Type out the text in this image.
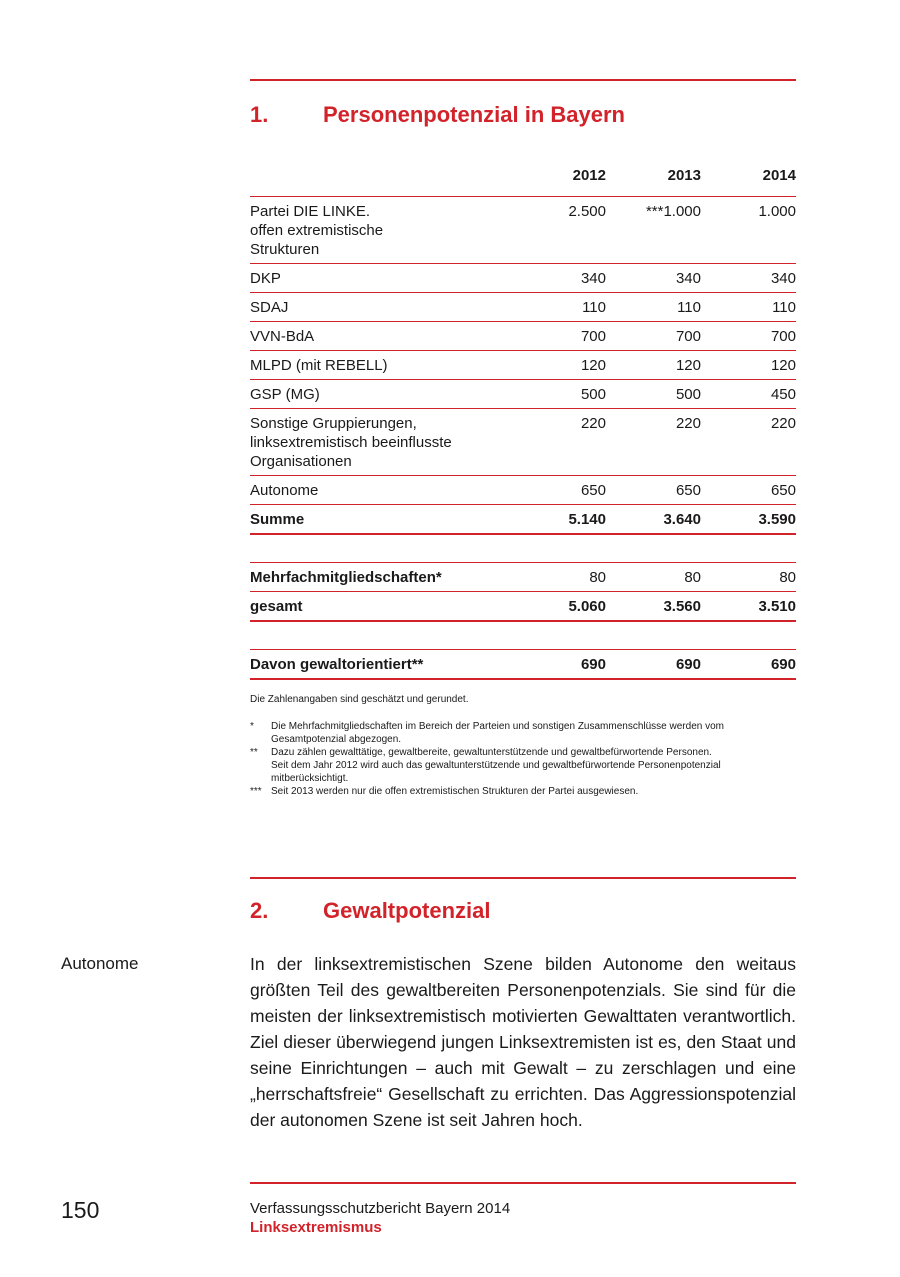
1. Personenpotenzial in Bayern
	2012	2013	2014
Partei DIE LINKE.
offen extremistische
Strukturen	2.500	***1.000	1.000
DKP	340	340	340
SDAJ	110	110	110
VVN-BdA	700	700	700
MLPD (mit REBELL)	120	120	120
GSP (MG)	500	500	450
Sonstige Gruppierungen,
linksextremistisch beeinflusste
Organisationen	220	220	220
Autonome	650	650	650
Summe	5.140	3.640	3.590

Mehrfachmitgliedschaften*	80	80	80
gesamt	5.060	3.560	3.510

Davon gewaltorientiert**	690	690	690
Die Zahlenangaben sind geschätzt und gerundet.
*	Die Mehrfachmitgliedschaften im Bereich der Parteien und sonstigen Zusammenschlüsse werden vom
Gesamtpotenzial abgezogen.
**	Dazu zählen gewalttätige, gewaltbereite, gewaltunterstützende und gewaltbefürwortende Personen.
Seit dem Jahr 2012 wird auch das gewaltunterstützende und gewaltbefürwortende Personenpotenzial
mitberücksichtigt.
*** Seit 2013 werden nur die offen extremistischen Strukturen der Partei ausgewiesen.
2. Gewaltpotenzial
Autonome	In der linksextremistischen Szene bilden Autonome den weitaus größten Teil des gewaltbereiten Personenpotenzials. Sie sind für die meisten der linksextremistisch motivierten Gewalttaten verantwortlich. Ziel dieser überwiegend jungen Linksextremisten ist es, den Staat und seine Einrichtungen – auch mit Gewalt – zu zerschlagen und eine „herrschaftsfreie“ Gesellschaft zu errichten. Das Aggressionspotenzial der autonomen Szene ist seit Jahren hoch.
150	Verfassungsschutzbericht Bayern 2014
Linksextremismus
